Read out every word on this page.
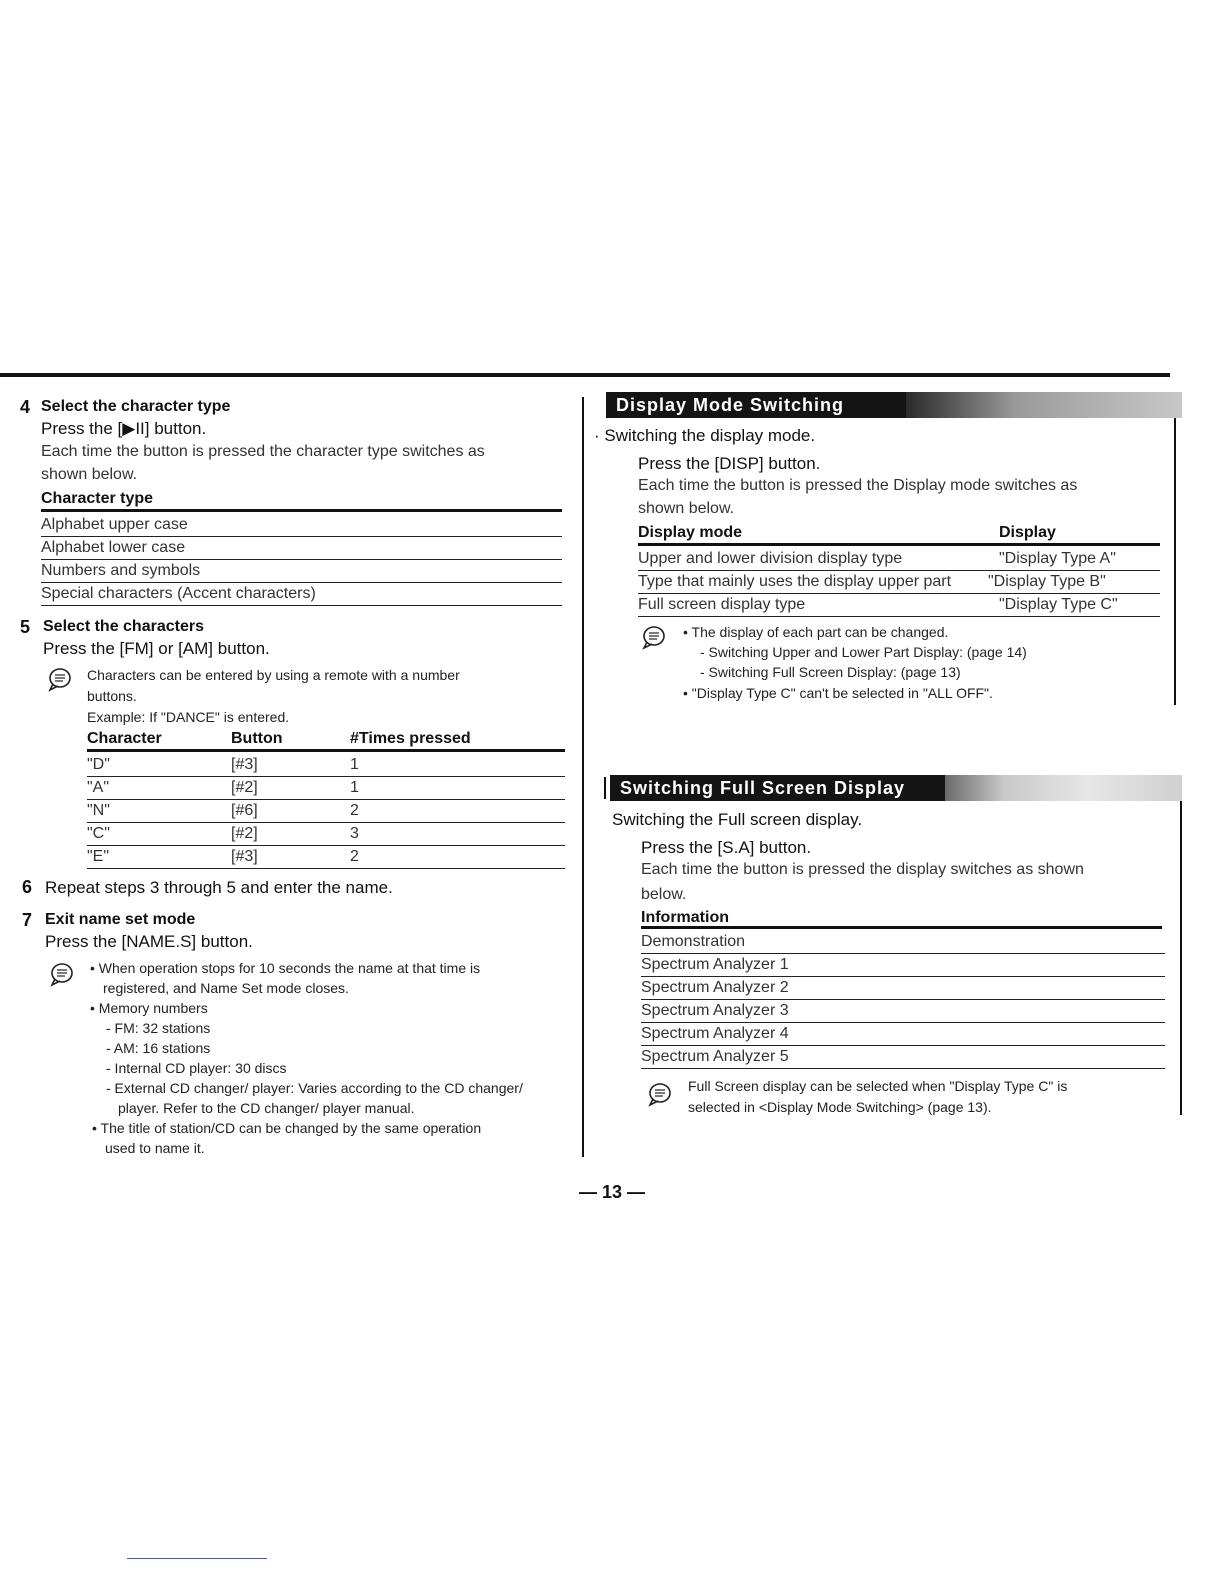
4 Select the character type
Press the [▶II] button.
Each time the button is pressed the character type switches as
shown below.
Character type
Alphabet upper case
Alphabet lower case
Numbers and symbols
Special characters (Accent characters)
5 Select the characters
Press the [FM] or [AM] button.
Characters can be entered by using a remote with a number
buttons.
Example: If "DANCE" is entered.
Character	Button	#Times pressed
"D"	[#3]	1
"A"	[#2]	1
"N"	[#6]	2
"C"	[#2]	3
"E"	[#3]	2
6 Repeat steps 3 through 5 and enter the name.
7 Exit name set mode
Press the [NAME.S] button.
• When operation stops for 10 seconds the name at that time is
registered, and Name Set mode closes.
• Memory numbers
- FM: 32 stations
- AM: 16 stations
- Internal CD player: 30 discs
- External CD changer/ player: Varies according to the CD changer/
player. Refer to the CD changer/ player manual.
• The title of station/CD can be changed by the same operation
used to name it.
Display Mode Switching
· Switching the display mode.
Press the [DISP] button.
Each time the button is pressed the Display mode switches as
shown below.
Display mode	Display
Upper and lower division display type	"Display Type A"
Type that mainly uses the display upper part "Display Type B"
Full screen display type	"Display Type C"
• The display of each part can be changed.
- Switching Upper and Lower Part Display: (page 14)
- Switching Full Screen Display: (page 13)
• "Display Type C" can't be selected in "ALL OFF".
Switching Full Screen Display
Switching the Full screen display.
Press the [S.A] button.
Each time the button is pressed the display switches as shown
below.
Information
Demonstration
Spectrum Analyzer 1
Spectrum Analyzer 2
Spectrum Analyzer 3
Spectrum Analyzer 4
Spectrum Analyzer 5
Full Screen display can be selected when "Display Type C" is
selected in <Display Mode Switching> (page 13).
— 13 —
